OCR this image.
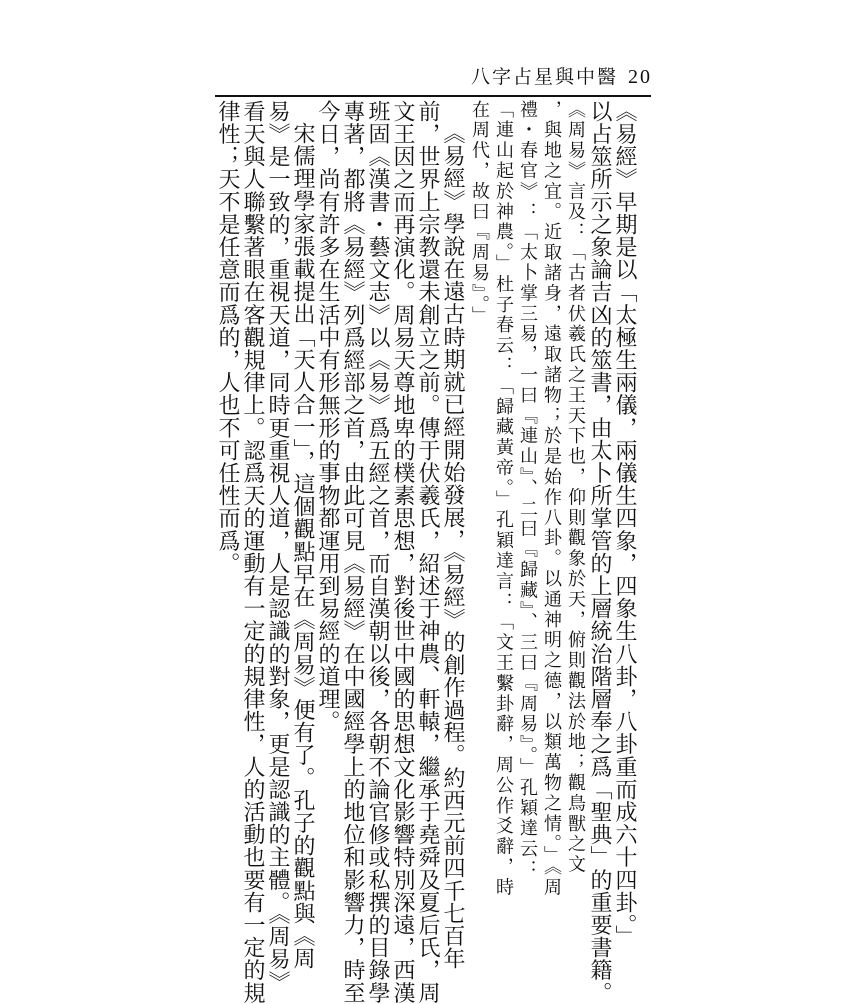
八字占星與中醫 20
《易經》早期是以「太極生兩儀，兩儀生四象，四象生八卦，八卦重而成六十四卦。」
以占筮所示之象論吉凶的筮書，由太卜所掌管的上層統治階層奉之爲「聖典」的重要書籍。
《周易》言及：「古者伏羲氏之王天下也，仰則觀象於天，俯則觀法於地；觀鳥獸之文
，與地之宜。近取諸身，遠取諸物；於是始作八卦。以通神明之德，以類萬物之情。」《周
禮・春官》：「太卜掌三易，一曰『連山』、二曰『歸藏』、三曰『周易』。」孔穎達云：
「連山起於神農。」杜子春云：「歸藏黃帝。」孔穎達言：「文王繫卦辭，周公作爻辭，時
在周代，故曰『周易』。」
《易經》學說在遠古時期就已經開始發展，《易經》的創作過程。約西元前四千七百年
前，世界上宗教還未創立之前。傳于伏羲氏，紹述于神農、軒轅，繼承于堯舜及夏后氏，周
文王因之而再演化。周易天尊地卑的樸素思想，對後世中國的思想文化影響特別深遠，西漢
班固《漢書・藝文志》以《易》爲五經之首，而自漢朝以後，各朝不論官修或私撰的目錄學
專著，都將《易經》列爲經部之首，由此可見《易經》在中國經學上的地位和影響力，時至
今日，尚有許多在生活中有形無形的事物都運用到易經的道理。
宋儒理學家張載提出「天人合一」，這個觀點早在《周易》便有了。孔子的觀點與《周
易》是一致的，重視天道，同時更重視人道，人是認識的對象，更是認識的主體。《周易》
看天與人聯繫著眼在客觀規律上。認爲天的運動有一定的規律性，人的活動也要有一定的規
律性；天不是任意而爲的，人也不可任性而爲。
